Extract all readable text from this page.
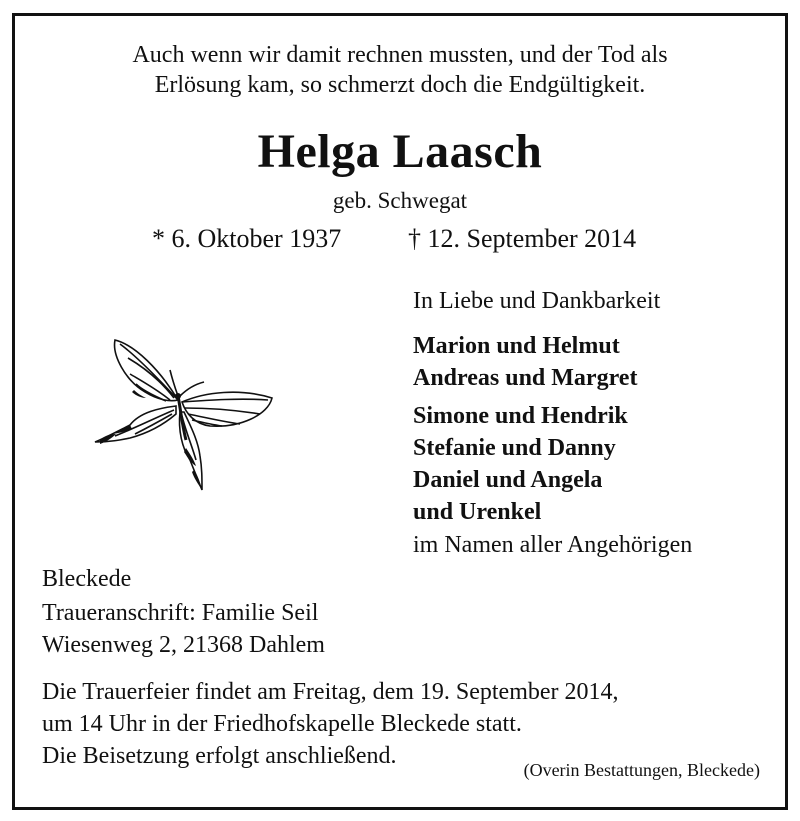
Auch wenn wir damit rechnen mussten, und der Tod als
Erlösung kam, so schmerzt doch die Endgültigkeit.
Helga Laasch
geb. Schwegat
* 6. Oktober 1937	† 12. September 2014
In Liebe und Dankbarkeit
Marion und Helmut
Andreas und Margret
Simone und Hendrik
Stefanie und Danny
Daniel und Angela
und Urenkel
im Namen aller Angehörigen
Bleckede
Traueranschrift: Familie Seil
Wiesenweg 2, 21368 Dahlem
Die Trauerfeier findet am Freitag, dem 19. September 2014,
um 14 Uhr in der Friedhofskapelle Bleckede statt.
Die Beisetzung erfolgt anschließend.
(Overin Bestattungen, Bleckede)
